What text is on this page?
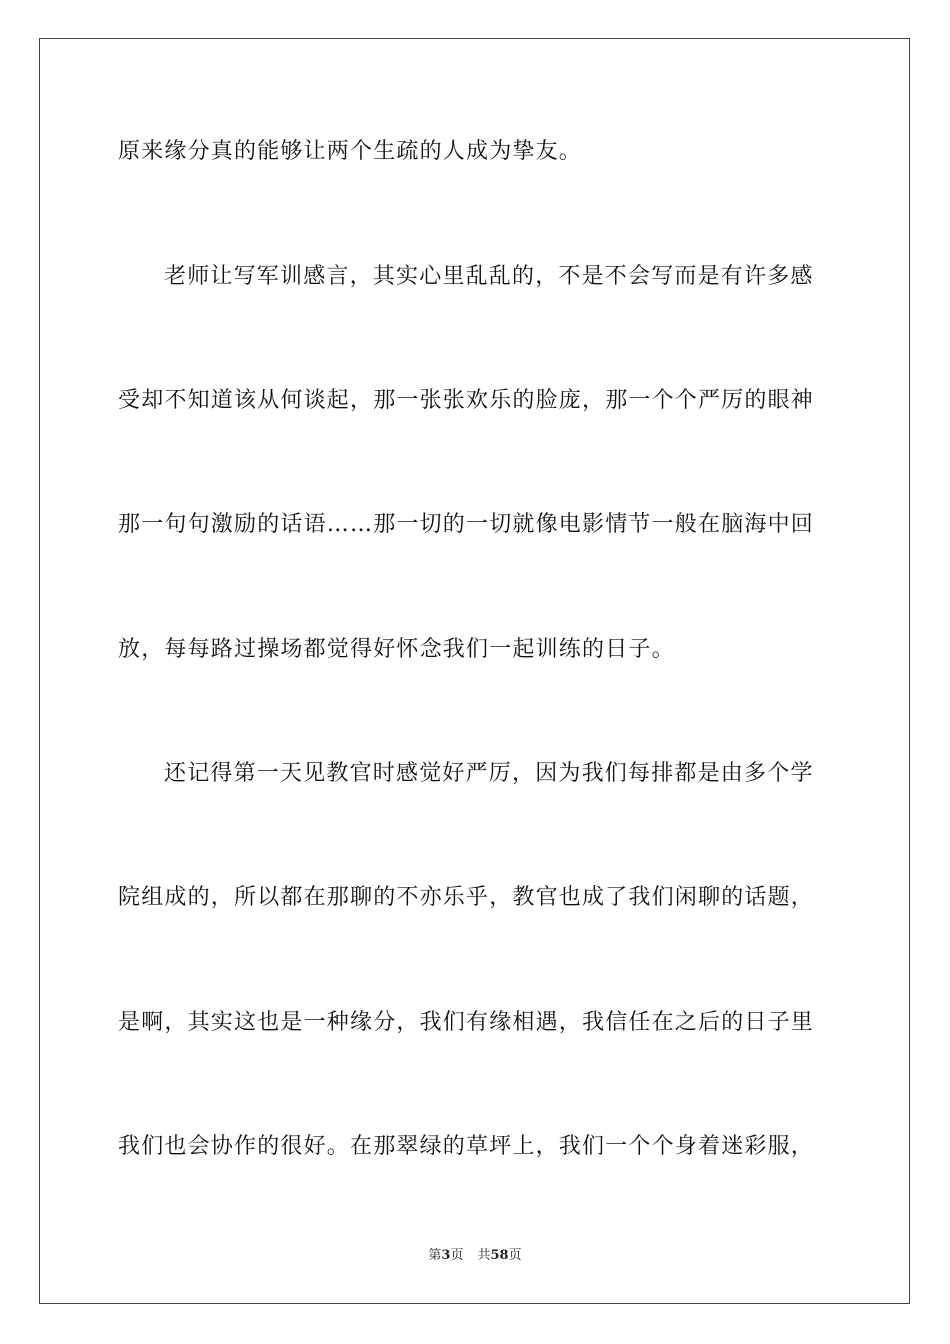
原来缘分真的能够让两个生疏的人成为挚友。
老师让写军训感言，其实心里乱乱的，不是不会写而是有许多感
受却不知道该从何谈起，那一张张欢乐的脸庞，那一个个严厉的眼神
那一句句激励的话语……那一切的一切就像电影情节一般在脑海中回
放，每每路过操场都觉得好怀念我们一起训练的日子。
还记得第一天见教官时感觉好严厉，因为我们每排都是由多个学
院组成的，所以都在那聊的不亦乐乎，教官也成了我们闲聊的话题，
是啊，其实这也是一种缘分，我们有缘相遇，我信任在之后的日子里
我们也会协作的很好。在那翠绿的草坪上，我们一个个身着迷彩服，
第3页 共58页
